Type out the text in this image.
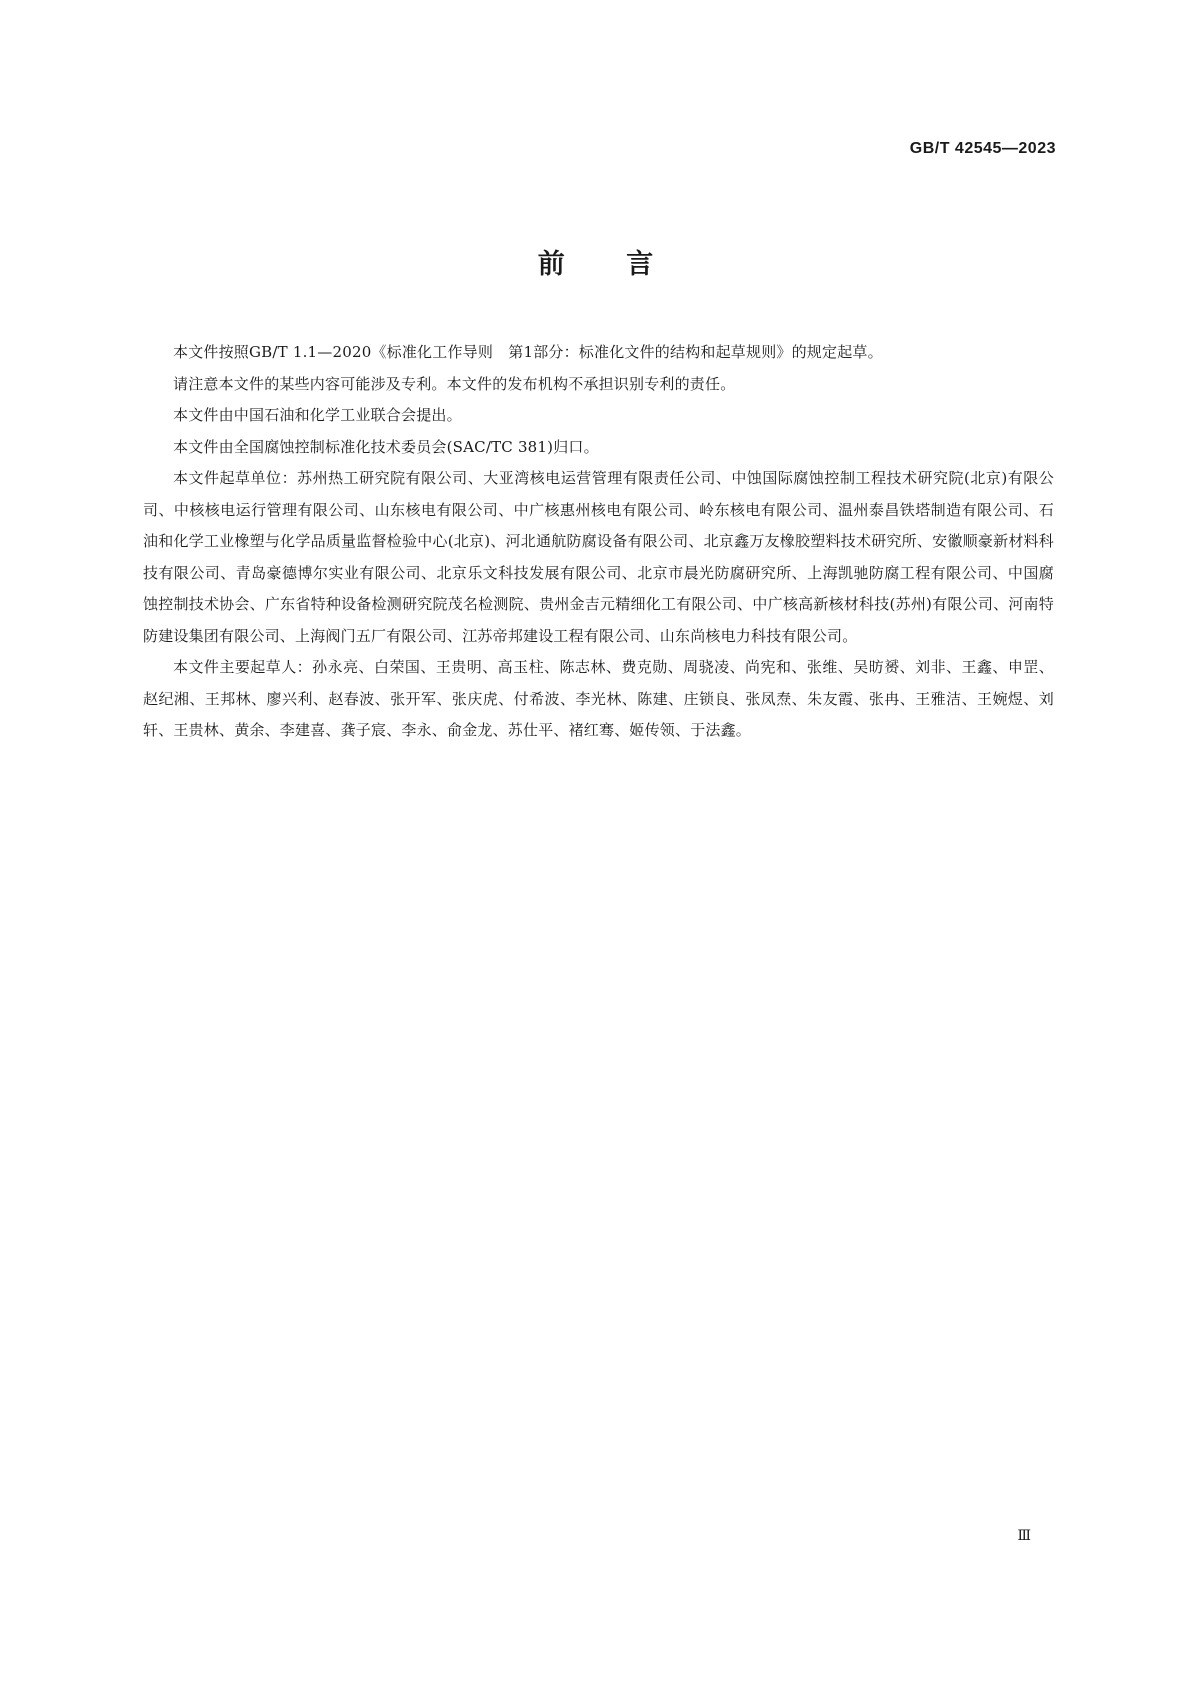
GB/T 42545—2023
前 言

本文件按照GB/T 1.1—2020《标准化工作导则　第1部分：标准化文件的结构和起草规则》的规定起草。

请注意本文件的某些内容可能涉及专利。本文件的发布机构不承担识别专利的责任。

本文件由中国石油和化学工业联合会提出。

本文件由全国腐蚀控制标准化技术委员会(SAC/TC 381)归口。

本文件起草单位：苏州热工研究院有限公司、大亚湾核电运营管理有限责任公司、中蚀国际腐蚀控制工程技术研究院(北京)有限公司、中核核电运行管理有限公司、山东核电有限公司、中广核惠州核电有限公司、岭东核电有限公司、温州泰昌铁塔制造有限公司、石油和化学工业橡塑与化学品质量监督检验中心(北京)、河北通航防腐设备有限公司、北京鑫万友橡胶塑料技术研究所、安徽顺豪新材料科技有限公司、青岛豪德博尔实业有限公司、北京乐文科技发展有限公司、北京市晨光防腐研究所、上海凯驰防腐工程有限公司、中国腐蚀控制技术协会、广东省特种设备检测研究院茂名检测院、贵州金吉元精细化工有限公司、中广核高新核材科技(苏州)有限公司、河南特防建设集团有限公司、上海阀门五厂有限公司、江苏帝邦建设工程有限公司、山东尚核电力科技有限公司。

本文件主要起草人：孙永亮、白荣国、王贵明、高玉柱、陈志林、费克勋、周骁凌、尚宪和、张维、吴昉赟、刘非、王鑫、申罡、赵纪湘、王邦林、廖兴利、赵春波、张开军、张庆虎、付希波、李光林、陈建、庄锁良、张凤焘、朱友霞、张冉、王雅洁、王婉煜、刘轩、王贵林、黄余、李建喜、龚子宸、李永、俞金龙、苏仕平、褚红骞、姬传领、于法鑫。

Ⅲ
